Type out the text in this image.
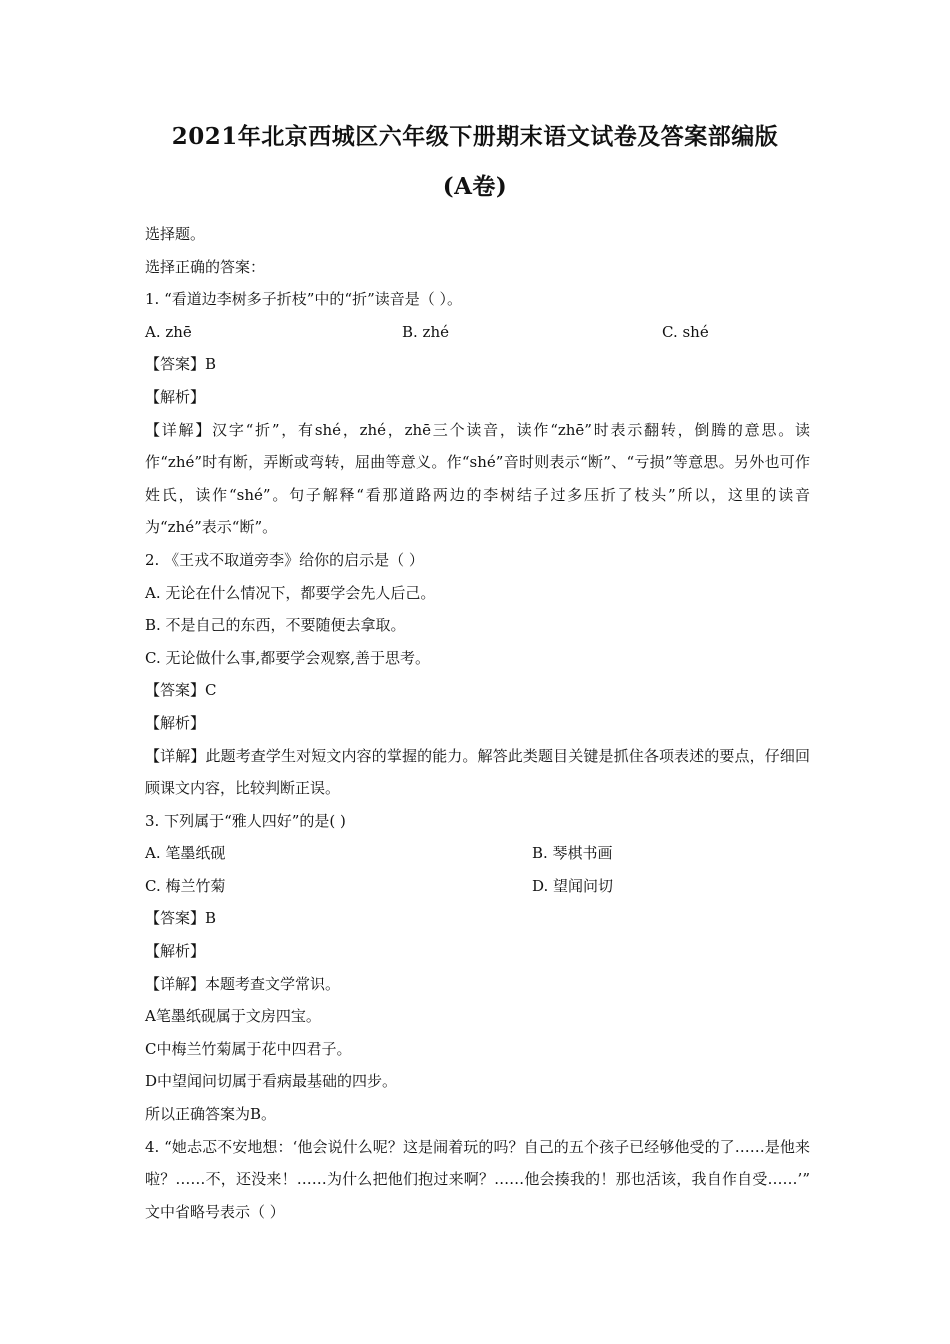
2021年北京西城区六年级下册期末语文试卷及答案部编版
(A卷)
选择题。
选择正确的答案：
1. “看道边李树多子折枝”中的“折”读音是（ ）。
A. zhē	B. zhé	C. shé
【答案】B
【解析】
【详解】汉字“折”，有shé，zhé，zhē三个读音，读作“zhē”时表示翻转，倒腾的意思。读作“zhé”时有断，弄断或弯转，屈曲等意义。作“shé”音时则表示“断”、“亏损”等意思。另外也可作姓氏，读作“shé”。句子解释“看那道路两边的李树结子过多压折了枝头”所以，这里的读音为“zhé”表示“断”。
2. 《王戎不取道旁李》给你的启示是（ ）
A. 无论在什么情况下，都要学会先人后己。
B. 不是自己的东西，不要随便去拿取。
C. 无论做什么事,都要学会观察,善于思考。
【答案】C
【解析】
【详解】此题考查学生对短文内容的掌握的能力。解答此类题目关键是抓住各项表述的要点，仔细回顾课文内容，比较判断正误。
3. 下列属于“雅人四好”的是( )
A. 笔墨纸砚	B. 琴棋书画
C. 梅兰竹菊	D. 望闻问切
【答案】B
【解析】
【详解】本题考查文学常识。
A笔墨纸砚属于文房四宝。
C中梅兰竹菊属于花中四君子。
D中望闻问切属于看病最基础的四步。
所以正确答案为B。
4. “她忐忑不安地想：‘他会说什么呢？这是闹着玩的吗？自己的五个孩子已经够他受的了……是他来啦？……不，还没来！……为什么把他们抱过来啊？……他会揍我的！那也活该，我自作自受……’” 文中省略号表示（ ）
